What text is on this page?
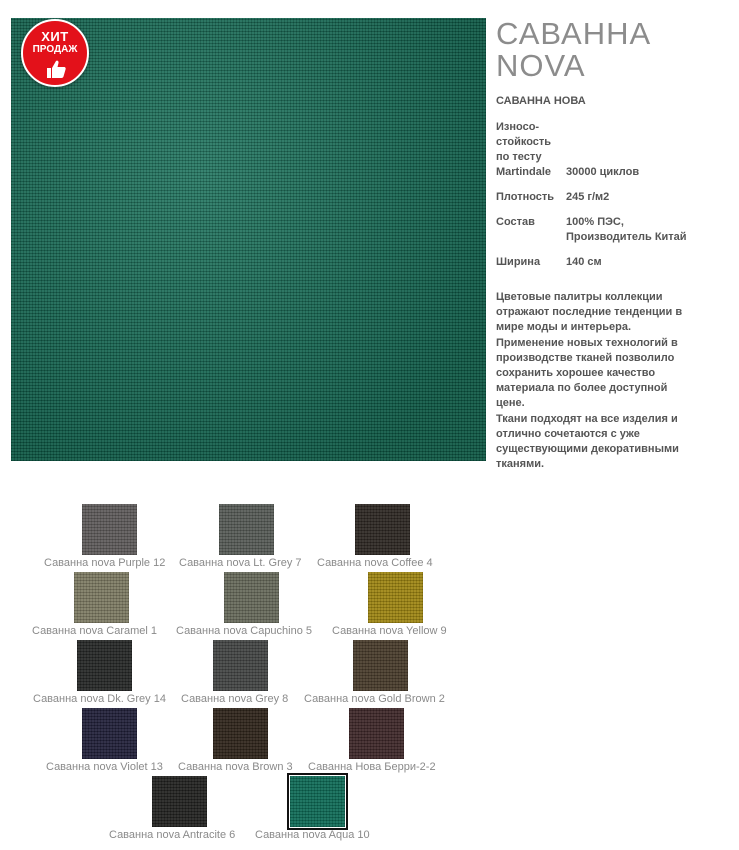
ХИТ
ПРОДАЖ	САВАННА
NOVA
САВАННА НОВА
Износо-
стойкость
по тесту
Martindale 30000 циклов
Плотность 245 г/м2
Состав	100% ПЭС,
Производитель Китай
Ширина 140 см
Цветовые палитры коллекции
отражают последние тенденции в
мире моды и интерьера.
Применение новых технологий в
производстве тканей позволило
сохранить хорошее качество
материала по более доступной
цене.
Ткани подходят на все изделия и
отлично сочетаются с уже
существующими декоративными
тканями.
Саванна nova Purple 12 Саванна nova Lt. Grey 7 Саванна nova Coffee 4
Саванна nova Caramel 1 Саванна nova Capuchino 5 Саванна nova Yellow 9
Саванна nova Dk. Grey 14 Саванна nova Grey 8 Саванна nova Gold Brown 2
Саванна nova Violet 13 Саванна nova Brown 3 Саванна Нова Берри-2-2
Саванна nova Antracite 6 Саванна nova Aqua 10
